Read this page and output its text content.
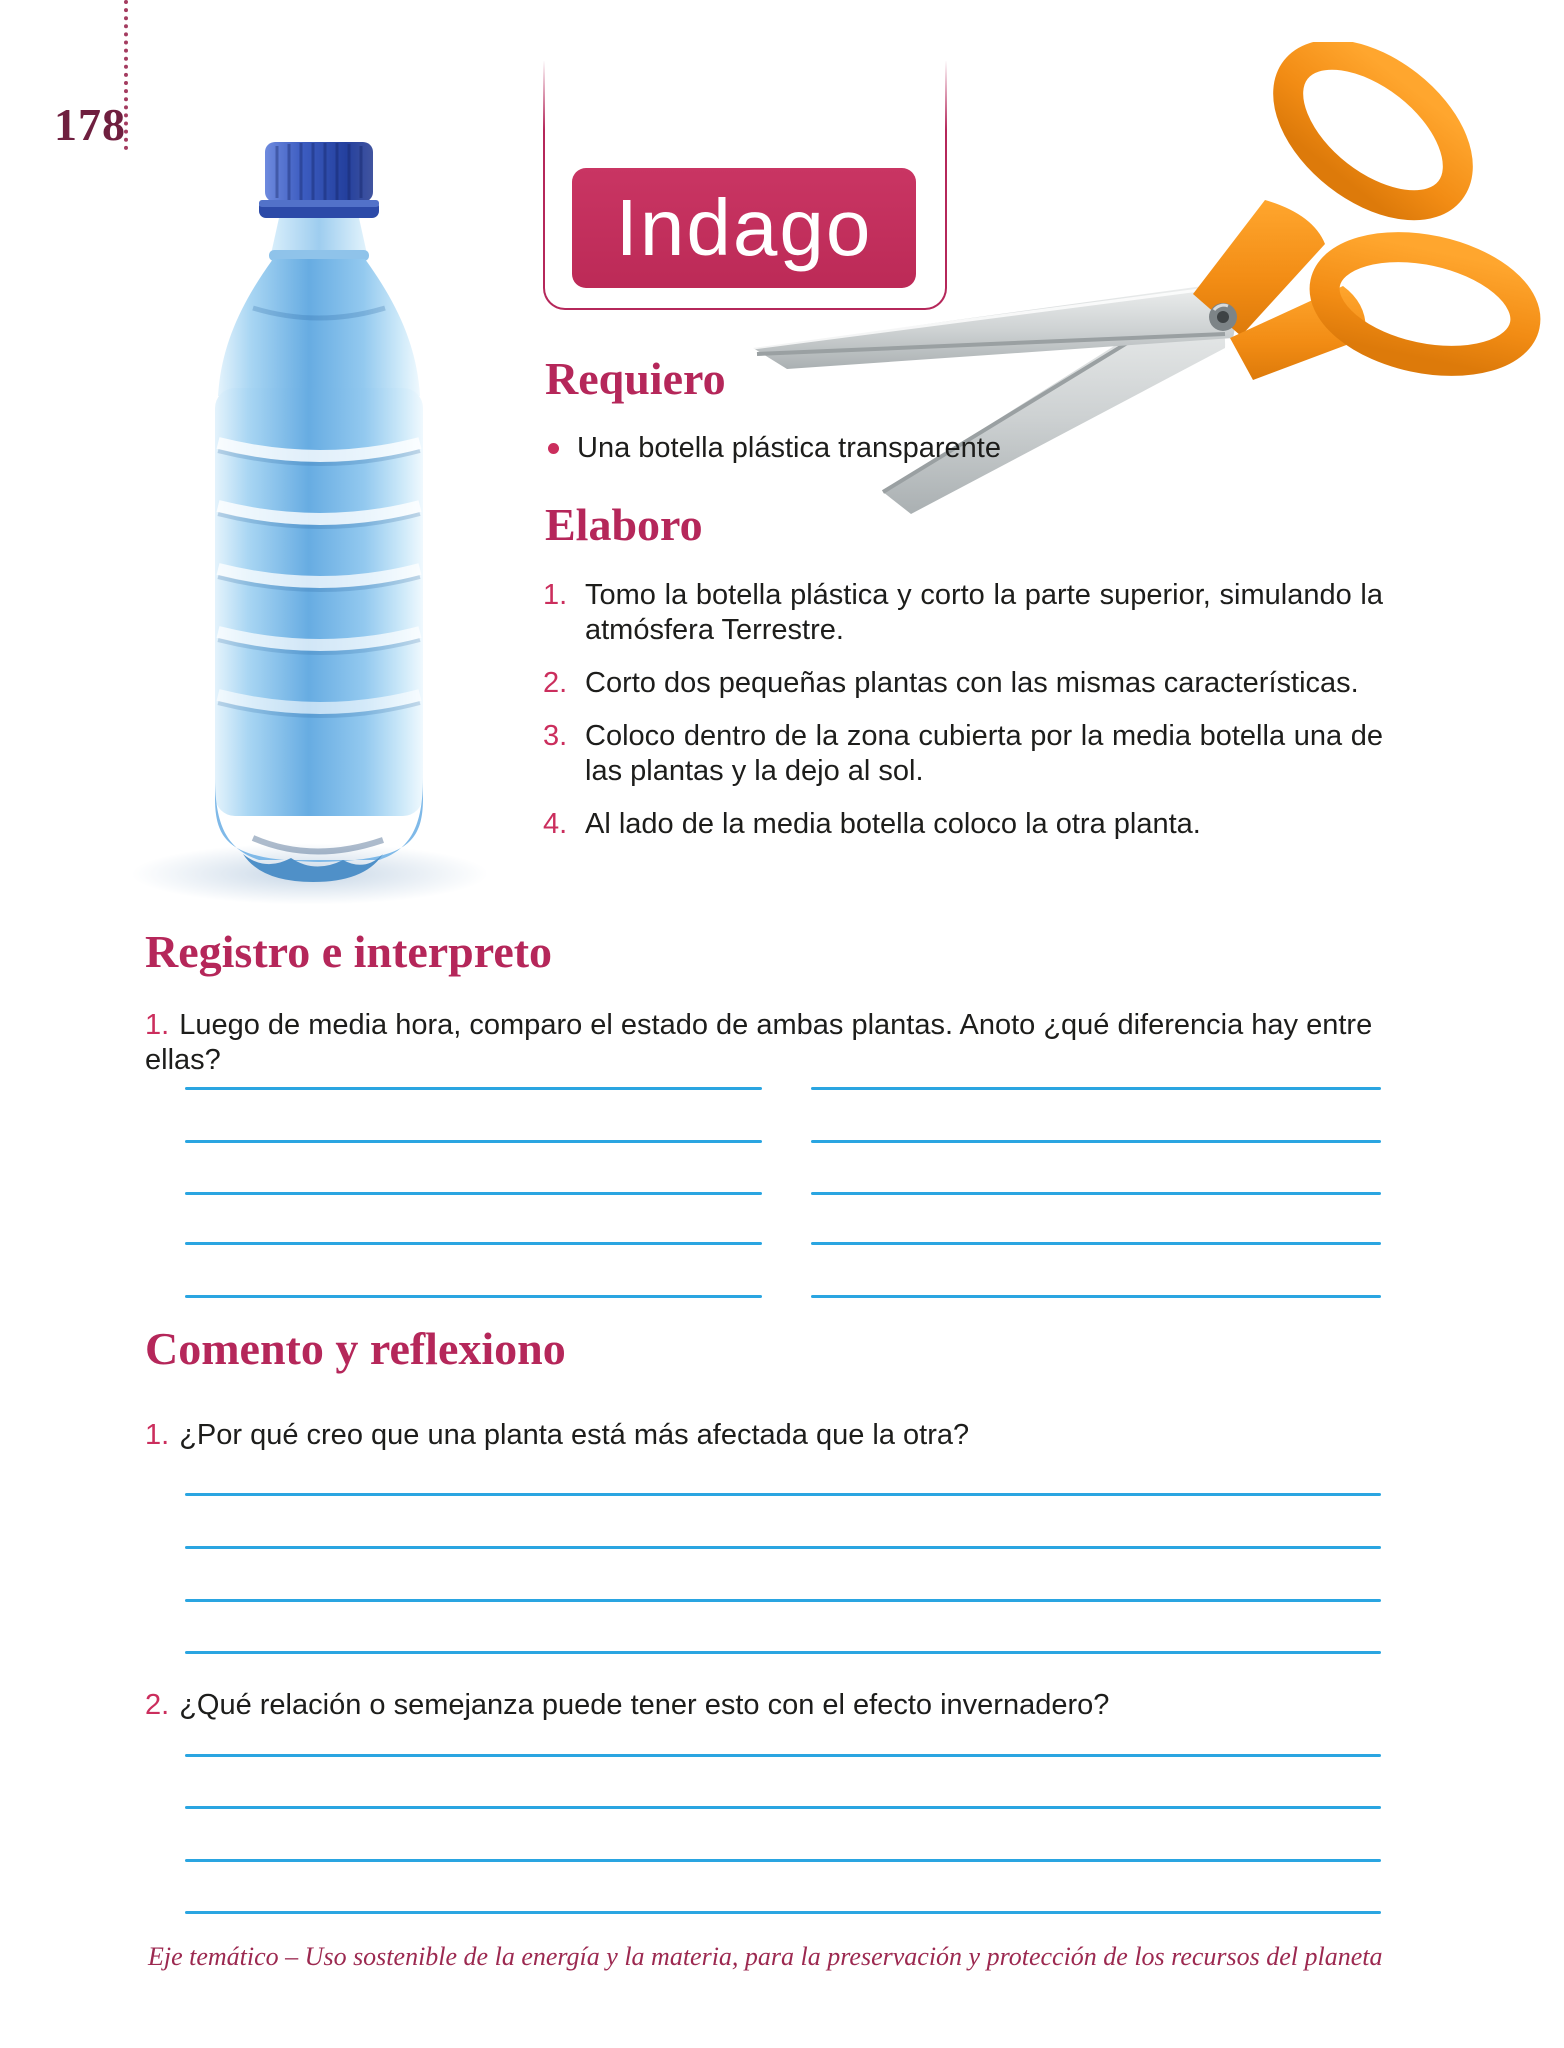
178
Indago
Requiero
Una botella plástica transparente
Elaboro
1. Tomo la botella plástica y corto la parte superior, simulando la atmósfera Terrestre.
2. Corto dos pequeñas plantas con las mismas características.
3. Coloco dentro de la zona cubierta por la media botella una de las plantas y la dejo al sol.
4. Al lado de la media botella coloco la otra planta.
Registro e interpreto
1. Luego de media hora, comparo el estado de ambas plantas. Anoto ¿qué diferencia hay entre ellas?
Comento y reflexiono
1. ¿Por qué creo que una planta está más afectada que la otra?
2. ¿Qué relación o semejanza puede tener esto con el efecto invernadero?
Eje temático – Uso sostenible de la energía y la materia, para la preservación y protección de los recursos del planeta
